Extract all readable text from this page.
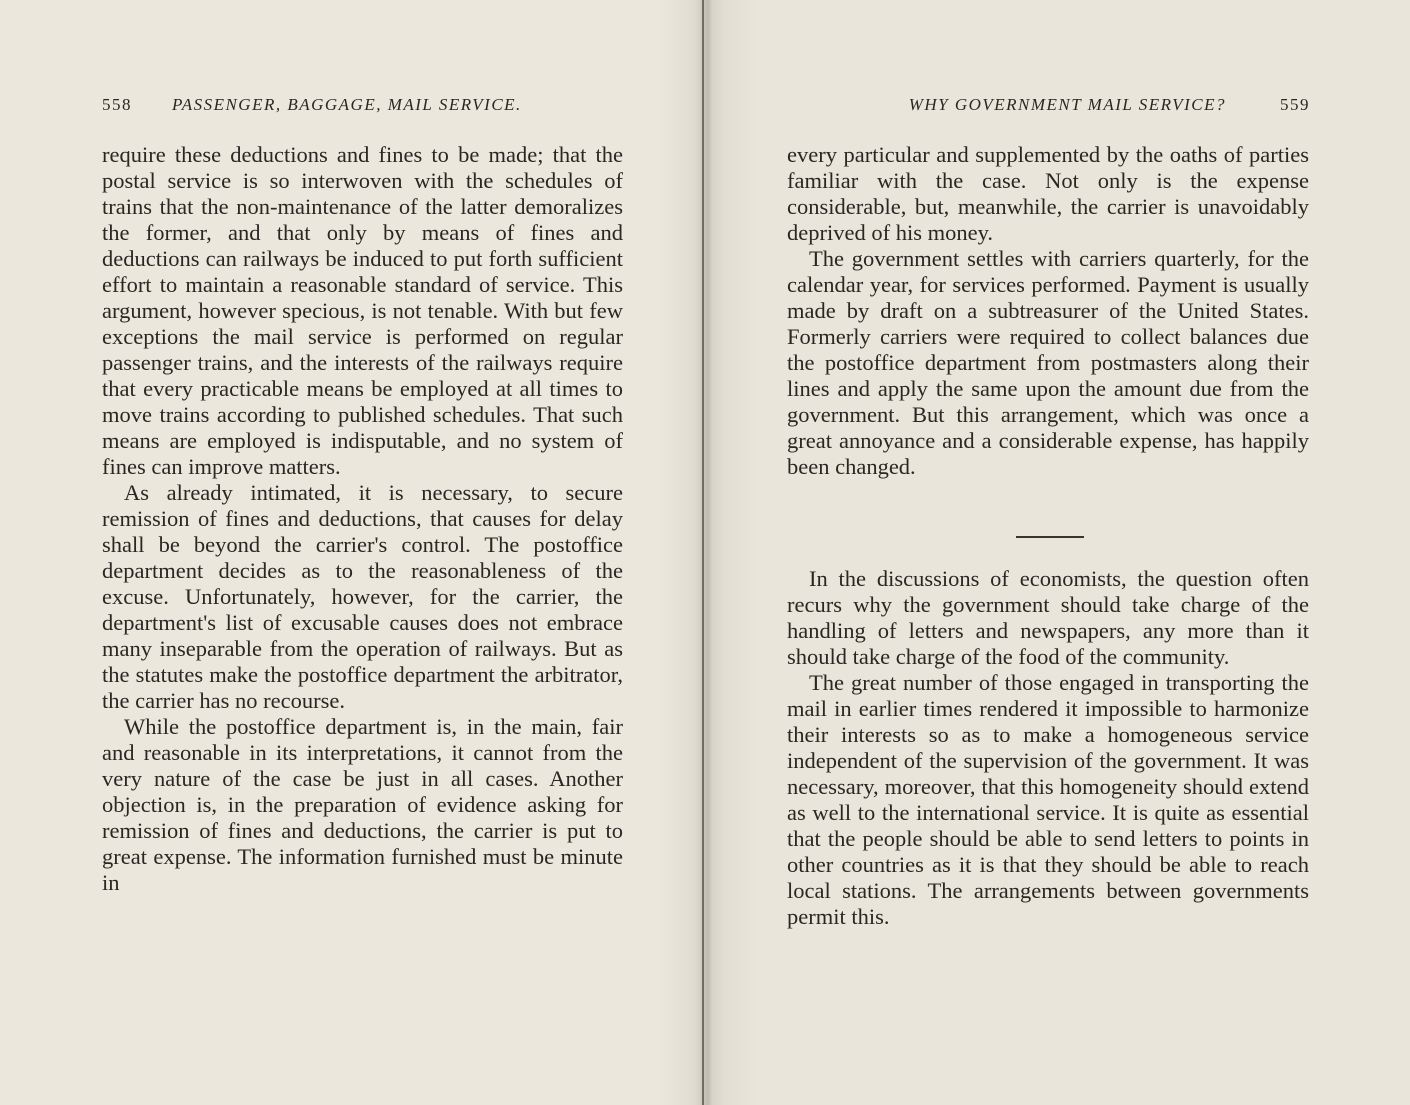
558 PASSENGER, BAGGAGE, MAIL SERVICE.	WHY GOVERNMENT MAIL SERVICE?	559

require these deductions and fines to be made; that the postal service is so interwoven with the schedules of trains that the non-maintenance of the latter demoralizes the former, and that only by means of fines and deductions can railways be induced to put forth sufficient effort to maintain a reasonable standard of service. This argument, however specious, is not tenable. With but few exceptions the mail service is performed on regular passenger trains, and the interests of the railways require that every practicable means be employed at all times to move trains according to published schedules. That such means are employed is indisputable, and no system of fines can improve matters.

As already intimated, it is necessary, to secure remission of fines and deductions, that causes for delay shall be beyond the carrier's control. The postoffice department decides as to the reasonableness of the excuse. Unfortunately, however, for the carrier, the department's list of excusable causes does not embrace many inseparable from the operation of railways. But as the statutes make the postoffice department the arbitrator, the carrier has no recourse.

While the postoffice department is, in the main, fair and reasonable in its interpretations, it cannot from the very nature of the case be just in all cases. Another objection is, in the preparation of evidence asking for remission of fines and deductions, the carrier is put to great expense. The information furnished must be minute in

every particular and supplemented by the oaths of parties familiar with the case. Not only is the expense considerable, but, meanwhile, the carrier is unavoidably deprived of his money.

The government settles with carriers quarterly, for the calendar year, for services performed. Payment is usually made by draft on a subtreasurer of the United States. Formerly carriers were required to collect balances due the postoffice department from postmasters along their lines and apply the same upon the amount due from the government. But this arrangement, which was once a great annoyance and a considerable expense, has happily been changed.

In the discussions of economists, the question often recurs why the government should take charge of the handling of letters and newspapers, any more than it should take charge of the food of the community.

The great number of those engaged in transporting the mail in earlier times rendered it impossible to harmonize their interests so as to make a homogeneous service independent of the supervision of the government. It was necessary, moreover, that this homogeneity should extend as well to the international service. It is quite as essential that the people should be able to send letters to points in other countries as it is that they should be able to reach local stations. The arrangements between governments permit this.
